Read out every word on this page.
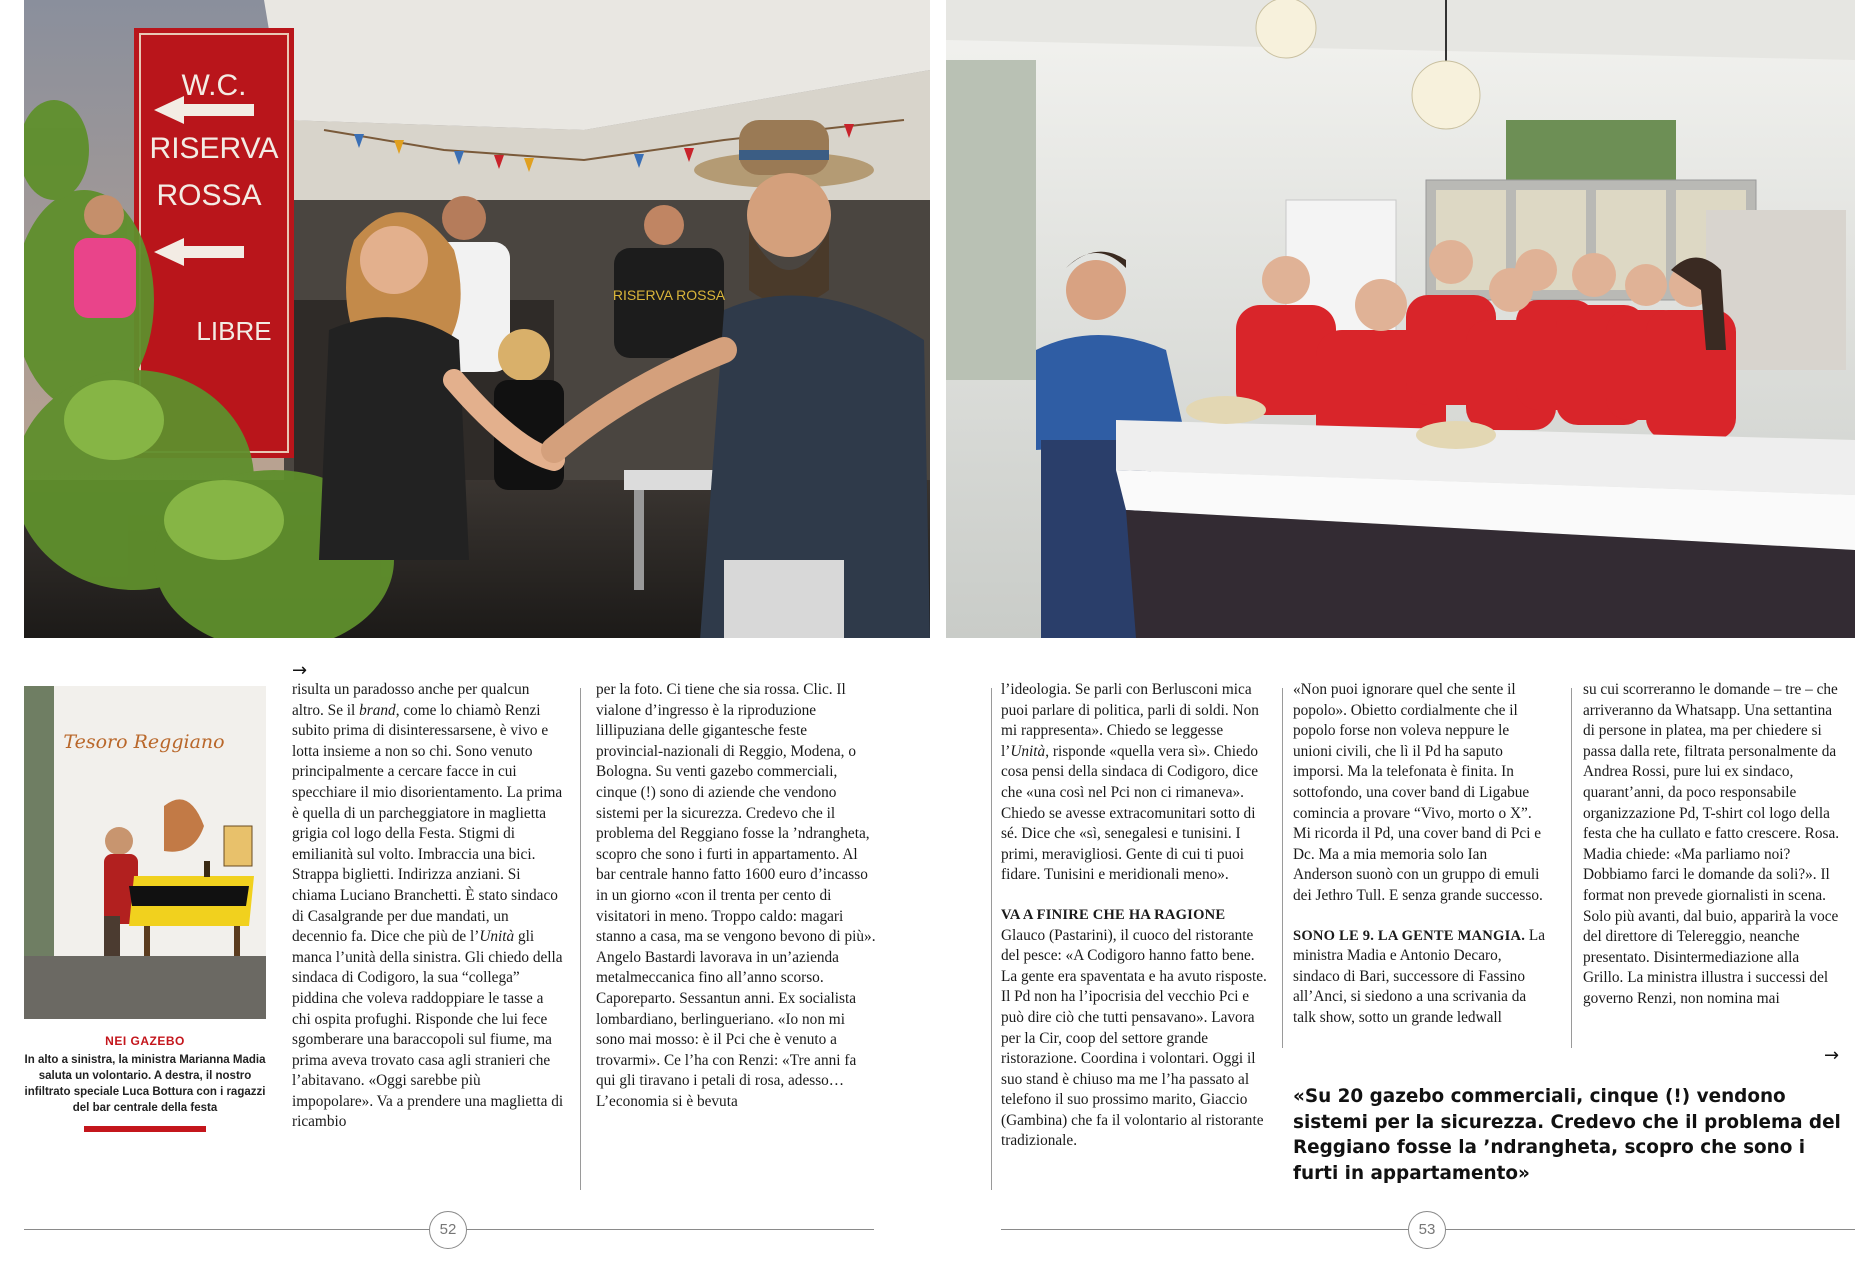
W.C.
RISERVA
ROSSA
LIBRE
RISERVA ROSSA
Tesoro Reggiano
NEI GAZEBO
In alto a sinistra, la ministra Marianna Madia saluta un volontario. A destra, il nostro infiltrato speciale Luca Bottura con i ragazzi del bar centrale della festa
→

risulta un paradosso anche per qualcun altro. Se il brand, come lo chiamò Renzi subito prima di disinteressarsene, è vivo e lotta insieme a non so chi. Sono venuto principalmente a cercare facce in cui specchiare il mio disorientamento. La prima è quella di un parcheggiatore in maglietta grigia col logo della Festa. Stigmi di emilianità sul volto. Imbraccia una bici. Strappa biglietti. Indirizza anziani. Si chiama Luciano Branchetti. È stato sindaco di Casalgrande per due mandati, un decennio fa. Dice che più de l’Unità gli manca l’unità della sinistra. Gli chiedo della sindaca di Codigoro, la sua “collega” piddina che voleva raddoppiare le tasse a chi ospita profughi. Risponde che lui fece sgomberare una baraccopoli sul fiume, ma prima aveva trovato casa agli stranieri che l’abitavano. «Oggi sarebbe più impopolare». Va a prendere una maglietta di ricambio

per la foto. Ci tiene che sia rossa. Clic. Il vialone d’ingresso è la riproduzione lillipuziana delle gigantesche feste provincial-nazionali di Reggio, Modena, o Bologna. Su venti gazebo commerciali, cinque (!) sono di aziende che vendono sistemi per la sicurezza. Credevo che il problema del Reggiano fosse la ’ndrangheta, scopro che sono i furti in appartamento. Al bar centrale hanno fatto 1600 euro d’incasso in un giorno «con il trenta per cento di visitatori in meno. Troppo caldo: magari stanno a casa, ma se vengono bevono di più». Angelo Bastardi lavorava in un’azienda metalmeccanica fino all’anno scorso. Caporeparto. Sessantun anni. Ex socialista lombardiano, berlingueriano. «Io non mi sono mai mosso: è il Pci che è venuto a trovarmi». Ce l’ha con Renzi: «Tre anni fa qui gli tiravano i petali di rosa, adesso… L’economia si è bevuta

l’ideologia. Se parli con Berlusconi mica puoi parlare di politica, parli di soldi. Non mi rappresenta». Chiedo se leggesse l’Unità, risponde «quella vera sì». Chiedo cosa pensi della sindaca di Codigoro, dice che «una così nel Pci non ci rimaneva». Chiedo se avesse extracomunitari sotto di sé. Dice che «sì, senegalesi e tunisini. I primi, meravigliosi. Gente di cui ti puoi fidare. Tunisini e meridionali meno».

VA A FINIRE CHE HA RAGIONE

Glauco (Pastarini), il cuoco del ristorante del pesce: «A Codigoro hanno fatto bene. La gente era spaventata e ha avuto risposte. Il Pd non ha l’ipocrisia del vecchio Pci e può dire ciò che tutti pensavano». Lavora per la Cir, coop del settore grande ristorazione. Coordina i volontari. Oggi il suo stand è chiuso ma me l’ha passato al telefono il suo prossimo marito, Giaccio (Gambina) che fa il volontario al ristorante tradizionale.

«Non puoi ignorare quel che sente il popolo». Obietto cordialmente che il popolo forse non voleva neppure le unioni civili, che lì il Pd ha saputo imporsi. Ma la telefonata è finita. In sottofondo, una cover band di Ligabue comincia a provare “Vivo, morto o X”. Mi ricorda il Pd, una cover band di Pci e Dc. Ma a mia memoria solo Ian Anderson suonò con un gruppo di emuli dei Jethro Tull. E senza grande successo.

SONO LE 9. LA GENTE MANGIA. La ministra Madia e Antonio Decaro, sindaco di Bari, successore di Fassino all’Anci, si siedono a una scrivania da talk show, sotto un grande ledwall

su cui scorreranno le domande – tre – che arriveranno da Whatsapp. Una settantina di persone in platea, ma per chiedere si passa dalla rete, filtrata personalmente da Andrea Rossi, pure lui ex sindaco, quarant’anni, da poco responsabile organizzazione Pd, T-shirt col logo della festa che ha cullato e fatto crescere. Rosa. Madia chiede: «Ma parliamo noi? Dobbiamo farci le domande da soli?». Il format non prevede giornalisti in scena. Solo più avanti, dal buio, apparirà la voce del direttore di Telereggio, neanche presentato. Disintermediazione alla Grillo. La ministra illustra i successi del governo Renzi, non nomina mai

→
«Su 20 gazebo commerciali, cinque (!) vendono sistemi per la sicurezza. Credevo che il problema del Reggiano fosse la ’ndrangheta, scopro che sono i furti in appartamento»
52	53
